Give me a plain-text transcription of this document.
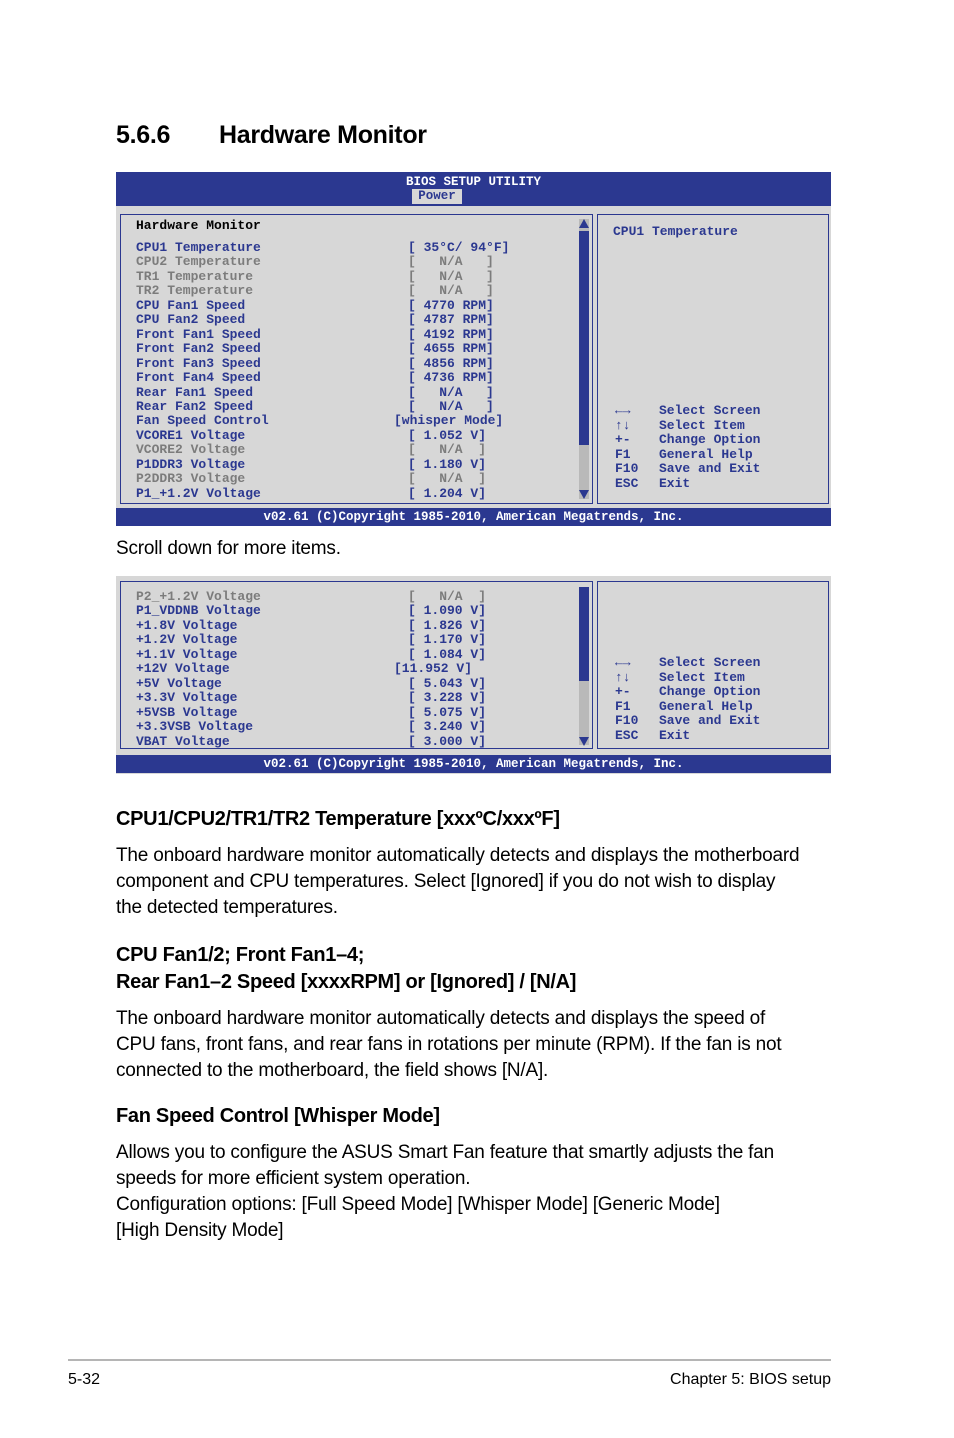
5.6.6 Hardware Monitor
BIOS SETUP UTILITY
Power
Hardware Monitor
CPU1 Temperature	[ 35°C/ 94°F]
CPU2 Temperature	[   N/A   ]
TR1 Temperature	[   N/A   ]
TR2 Temperature	[   N/A   ]
CPU Fan1 Speed	[ 4770 RPM]
CPU Fan2 Speed	[ 4787 RPM]
Front Fan1 Speed	[ 4192 RPM]
Front Fan2 Speed	[ 4655 RPM]
Front Fan3 Speed	[ 4856 RPM]
Front Fan4 Speed	[ 4736 RPM]
Rear Fan1 Speed	[   N/A   ]
Rear Fan2 Speed	[   N/A   ]
Fan Speed Control	[whisper Mode]
VCORE1 Voltage	[ 1.052 V]
VCORE2 Voltage	[   N/A  ]
P1DDR3 Voltage	[ 1.180 V]
P2DDR3 Voltage	[   N/A  ]
P1_+1.2V Voltage	[ 1.204 V]
CPU1 Temperature
←→ Select Screen
↑↓ Select Item
+- Change Option
F1 General Help
F10 Save and Exit
ESC Exit
v02.61 (C)Copyright 1985-2010, American Megatrends, Inc.
Scroll down for more items.
P2_+1.2V Voltage	[   N/A  ]
P1_VDDNB Voltage	[ 1.090 V]
+1.8V Voltage	[ 1.826 V]
+1.2V Voltage	[ 1.170 V]
+1.1V Voltage	[ 1.084 V]
+12V Voltage	[11.952 V]
+5V Voltage	[ 5.043 V]
+3.3V Voltage	[ 3.228 V]
+5VSB Voltage	[ 5.075 V]
+3.3VSB Voltage	[ 3.240 V]
VBAT Voltage	[ 3.000 V]
←→ Select Screen
↑↓ Select Item
+- Change Option
F1 General Help
F10 Save and Exit
ESC Exit
v02.61 (C)Copyright 1985-2010, American Megatrends, Inc.
CPU1/CPU2/TR1/TR2 Temperature [xxxºC/xxxºF]
The onboard hardware monitor automatically detects and displays the motherboard
component and CPU temperatures. Select [Ignored] if you do not wish to display
the detected temperatures.
CPU Fan1/2; Front Fan1–4;
Rear Fan1–2 Speed [xxxxRPM] or [Ignored] / [N/A]
The onboard hardware monitor automatically detects and displays the speed of
CPU fans, front fans, and rear fans in rotations per minute (RPM). If the fan is not
connected to the motherboard, the field shows [N/A].
Fan Speed Control [Whisper Mode]
Allows you to configure the ASUS Smart Fan feature that smartly adjusts the fan
speeds for more efficient system operation.
Configuration options: [Full Speed Mode] [Whisper Mode] [Generic Mode]
[High Density Mode]
5-32	Chapter 5: BIOS setup
